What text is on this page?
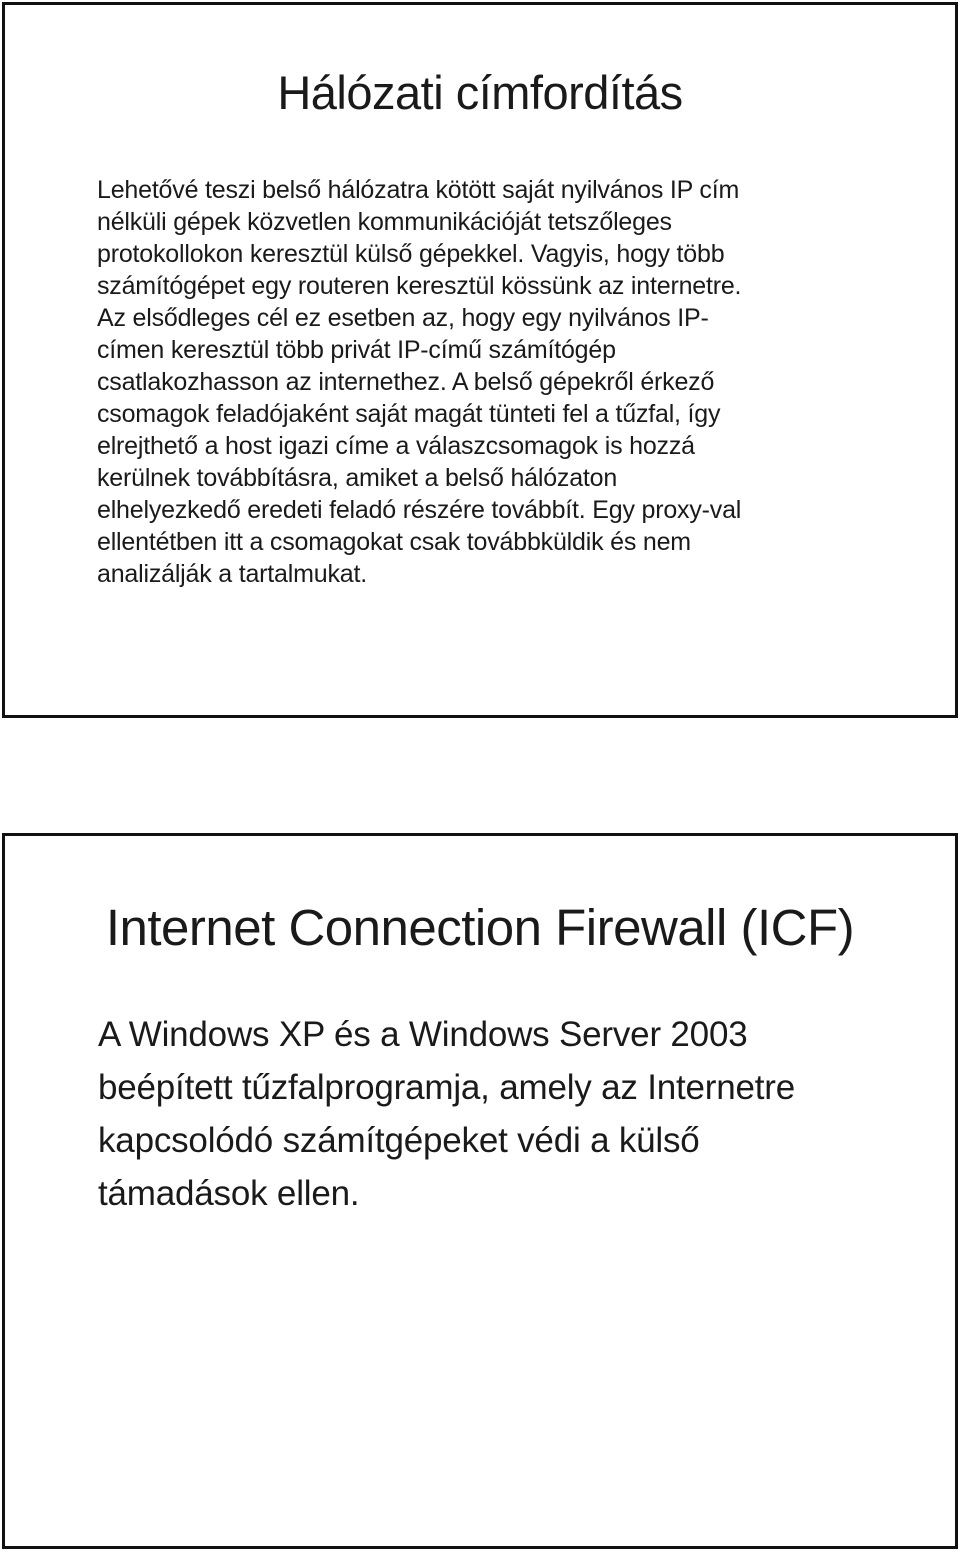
Hálózati címfordítás
Lehetővé teszi belső hálózatra kötött saját nyilvános IP cím
nélküli gépek közvetlen kommunikációját tetszőleges
protokollokon keresztül külső gépekkel. Vagyis, hogy több
számítógépet egy routeren keresztül kössünk az internetre.
Az elsődleges cél ez esetben az, hogy egy nyilvános IP-
címen keresztül több privát IP-című számítógép
csatlakozhasson az internethez. A belső gépekről érkező
csomagok feladójaként saját magát tünteti fel a tűzfal, így
elrejthető a host igazi címe a válaszcsomagok is hozzá
kerülnek továbbításra, amiket a belső hálózaton
elhelyezkedő eredeti feladó részére továbbít. Egy proxy-val
ellentétben itt a csomagokat csak továbbküldik és nem
analizálják a tartalmukat.
Internet Connection Firewall (ICF)
A Windows XP és a Windows Server 2003
beépített tűzfalprogramja, amely az Internetre
kapcsolódó számítgépeket védi a külső
támadások ellen.
